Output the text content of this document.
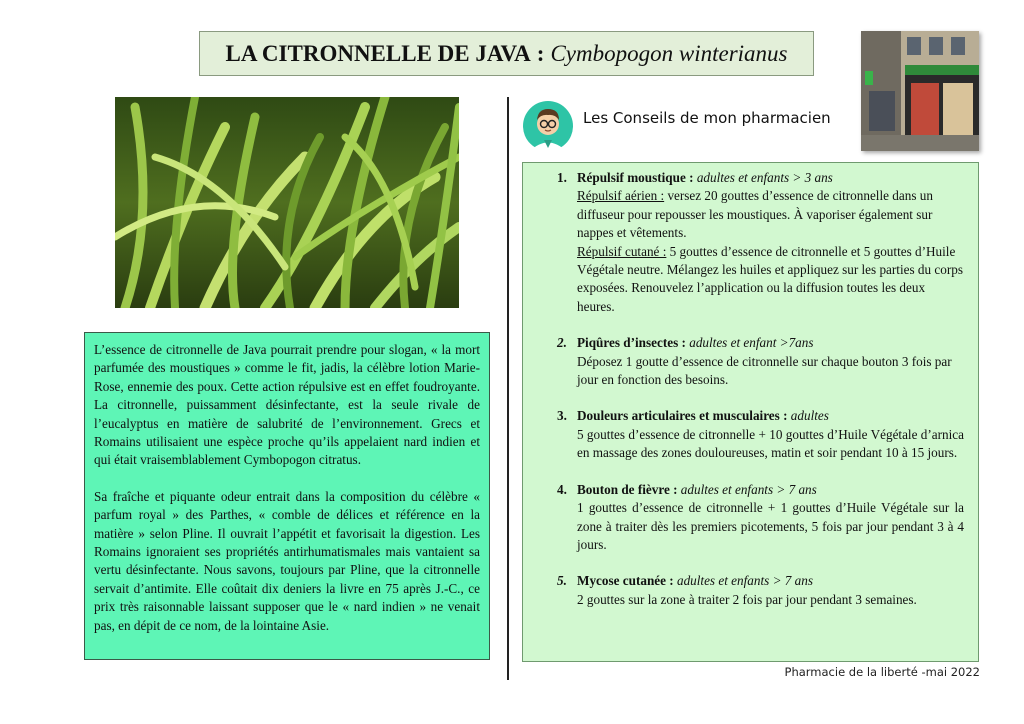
LA CITRONNELLE DE JAVA : Cymbopogon winterianus
Les Conseils de mon pharmacien

L’essence de citronnelle de Java pourrait prendre pour slogan, « la mort parfumée des moustiques » comme le fit, jadis, la célèbre lotion Marie-Rose, ennemie des poux. Cette action répulsive est en effet foudroyante. La citronnelle, puissamment désinfectante, est la seule rivale de l’eucalyptus en matière de salubrité de l’environnement. Grecs et Romains utilisaient une espèce proche qu’ils appelaient nard indien et qui était vraisemblablement Cymbopogon citratus.

Sa fraîche et piquante odeur entrait dans la composition du célèbre « parfum royal » des Parthes, « comble de délices et référence en la matière » selon Pline. Il ouvrait l’appétit et favorisait la digestion. Les Romains ignoraient ses propriétés antirhumatismales mais vantaient sa vertu désinfectante. Nous savons, toujours par Pline, que la citronnelle servait d’antimite. Elle coûtait dix deniers la livre en 75 après J.-C., ce prix très raisonnable laissant supposer que le « nard indien » ne venait pas, en dépit de ce nom, de la lointaine Asie.

1. Répulsif moustique : adultes et enfants > 3 ans
Répulsif aérien : versez 20 gouttes d’essence de citronnelle dans un diffuseur pour repousser les moustiques. À vaporiser également sur nappes et vêtements.
Répulsif cutané : 5 gouttes d’essence de citronnelle et 5 gouttes d’Huile Végétale neutre. Mélangez les huiles et appliquez sur les parties du corps exposées. Renouvelez l’application ou la diffusion toutes les deux heures.
2. Piqûres d’insectes : adultes et enfant >7ans
Déposez 1 goutte d’essence de citronnelle sur chaque bouton 3 fois par jour en fonction des besoins.
3. Douleurs articulaires et musculaires : adultes
5 gouttes d’essence de citronnelle + 10 gouttes d’Huile Végétale d’arnica en massage des zones douloureuses, matin et soir pendant 10 à 15 jours.
4. Bouton de fièvre : adultes et enfants > 7 ans
1 gouttes d’essence de citronnelle + 1 gouttes d’Huile Végétale sur la zone à traiter dès les premiers picotements, 5 fois par jour pendant 3 à 4 jours.
5. Mycose cutanée : adultes et enfants > 7 ans
2 gouttes sur la zone à traiter 2 fois par jour pendant 3 semaines.
Pharmacie de la liberté -mai 2022
